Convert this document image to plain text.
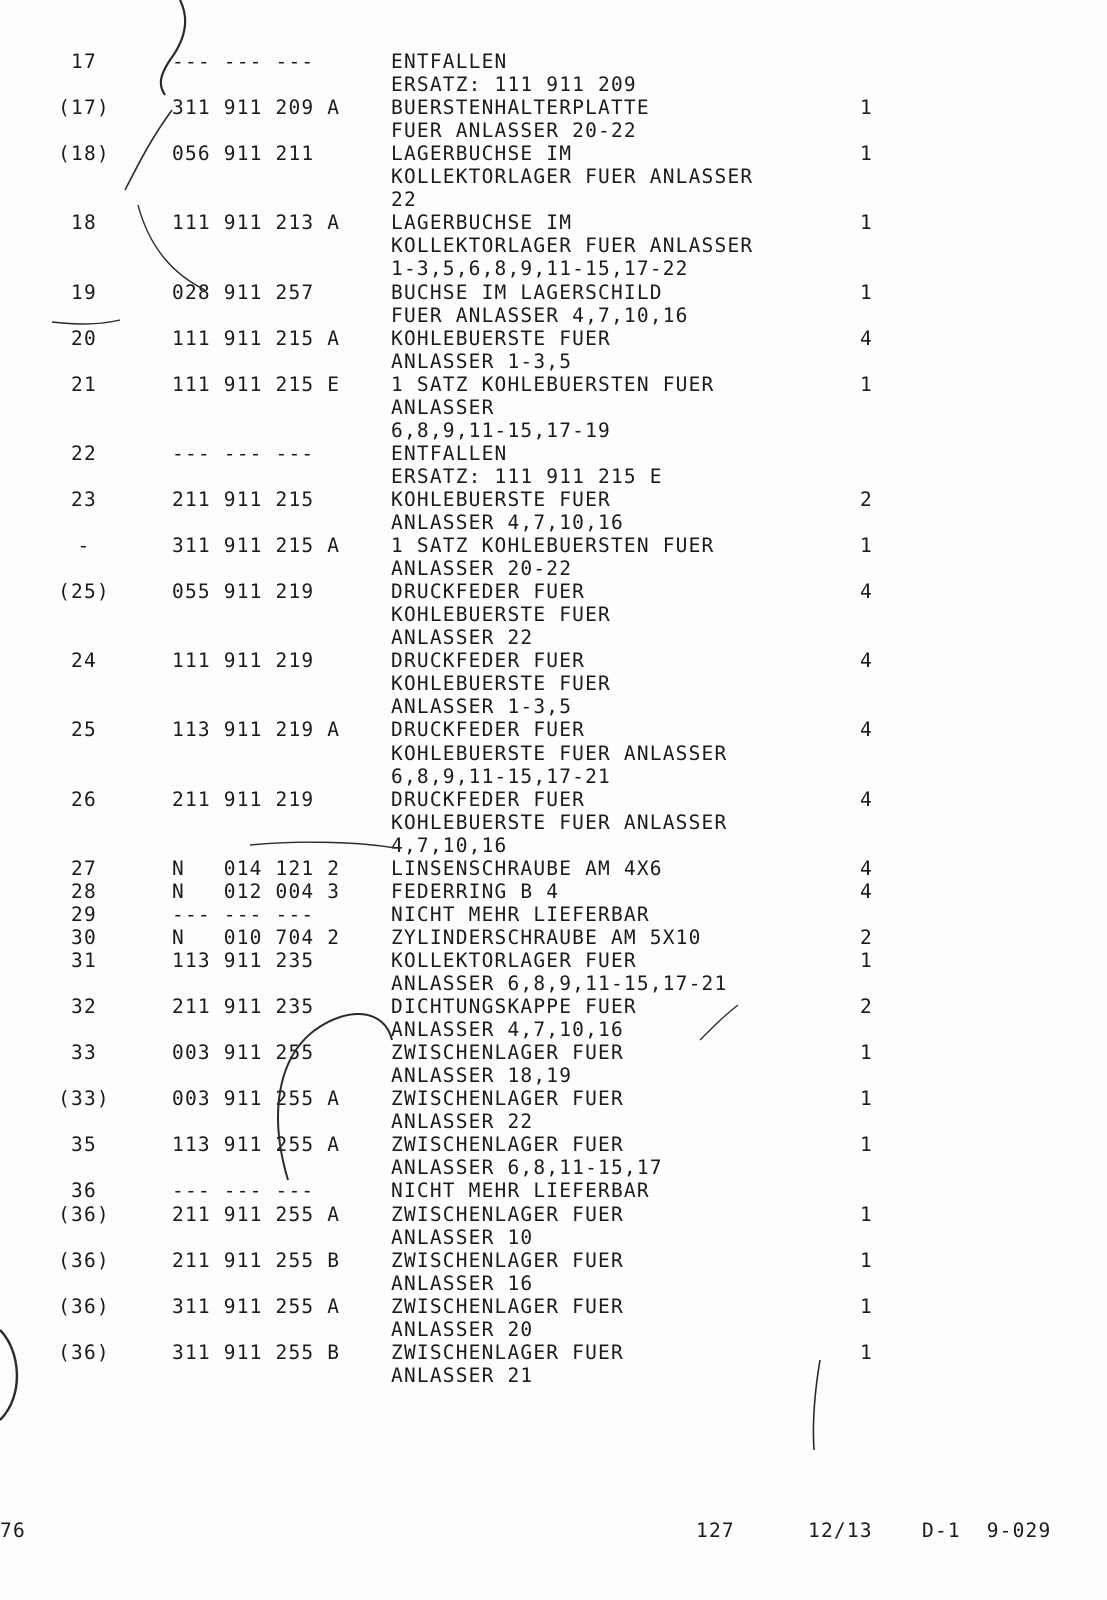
17	--- --- ---	ENTFALLEN
ERSATZ: 111 911 209
(17)	311 911 209 A	BUERSTENHALTERPLATTE	1
FUER ANLASSER 20-22
(18)	056 911 211	LAGERBUCHSE IM	1
KOLLEKTORLAGER FUER ANLASSER
22
18	111 911 213 A	LAGERBUCHSE IM	1
KOLLEKTORLAGER FUER ANLASSER
1-3,5,6,8,9,11-15,17-22
19	028 911 257	BUCHSE IM LAGERSCHILD	1
FUER ANLASSER 4,7,10,16
20	111 911 215 A	KOHLEBUERSTE FUER	4
ANLASSER 1-3,5
21	111 911 215 E	1 SATZ KOHLEBUERSTEN FUER	1
ANLASSER
6,8,9,11-15,17-19
22	--- --- ---	ENTFALLEN
ERSATZ: 111 911 215 E
23	211 911 215	KOHLEBUERSTE FUER	2
ANLASSER 4,7,10,16
-	311 911 215 A	1 SATZ KOHLEBUERSTEN FUER	1
ANLASSER 20-22
(25)	055 911 219	DRUCKFEDER FUER	4
KOHLEBUERSTE FUER
ANLASSER 22
24	111 911 219	DRUCKFEDER FUER	4
KOHLEBUERSTE FUER
ANLASSER 1-3,5
25	113 911 219 A	DRUCKFEDER FUER	4
KOHLEBUERSTE FUER ANLASSER
6,8,9,11-15,17-21
26	211 911 219	DRUCKFEDER FUER	4
KOHLEBUERSTE FUER ANLASSER
4,7,10,16
27	N   014 121 2	LINSENSCHRAUBE AM 4X6	4
28	N   012 004 3	FEDERRING B 4	4
29	--- --- ---	NICHT MEHR LIEFERBAR
30	N   010 704 2	ZYLINDERSCHRAUBE AM 5X10	2
31	113 911 235	KOLLEKTORLAGER FUER	1
ANLASSER 6,8,9,11-15,17-21
32	211 911 235	DICHTUNGSKAPPE FUER	2
ANLASSER 4,7,10,16
33	003 911 255	ZWISCHENLAGER FUER	1
ANLASSER 18,19
(33)	003 911 255 A	ZWISCHENLAGER FUER	1
ANLASSER 22
35	113 911 255 A	ZWISCHENLAGER FUER	1
ANLASSER 6,8,11-15,17
36	--- --- ---	NICHT MEHR LIEFERBAR
(36)	211 911 255 A	ZWISCHENLAGER FUER	1
ANLASSER 10
(36)	211 911 255 B	ZWISCHENLAGER FUER	1
ANLASSER 16
(36)	311 911 255 A	ZWISCHENLAGER FUER	1
ANLASSER 20
(36)	311 911 255 B	ZWISCHENLAGER FUER	1
ANLASSER 21
76	127	12/13	D-1  9-029
